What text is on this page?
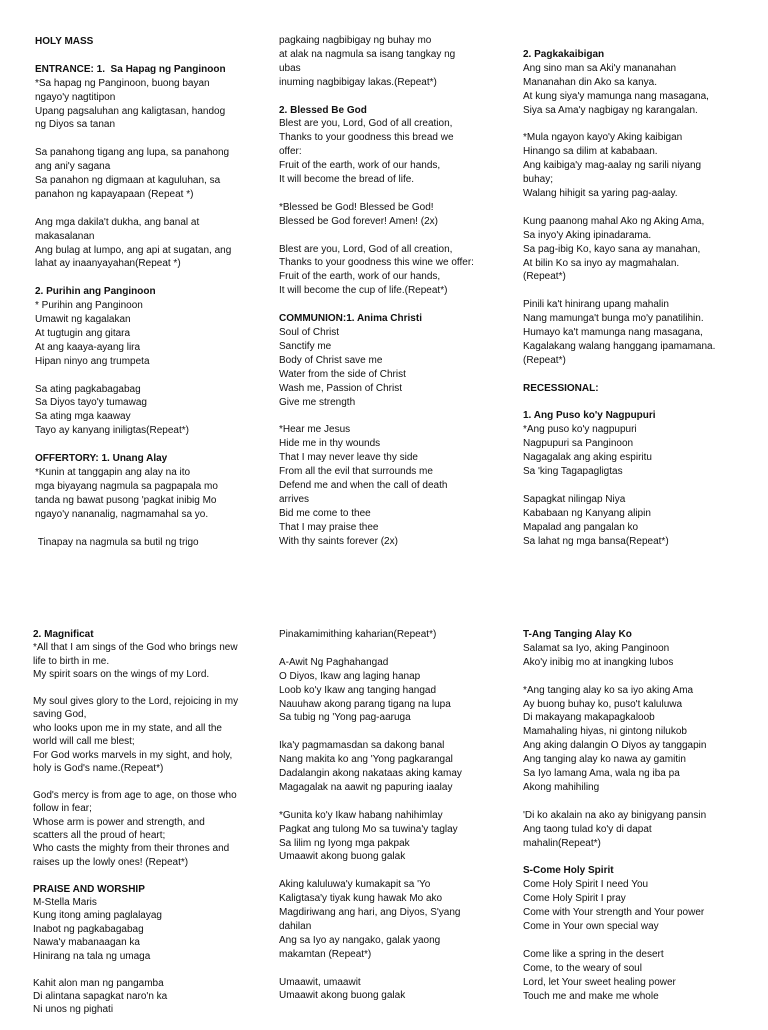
HOLY MASS
ENTRANCE: 1.  Sa Hapag ng Panginoon
*Sa hapag ng Panginoon, buong bayan
ngayo'y nagtitipon
Upang pagsaluhan ang kaligtasan, handog
ng Diyos sa tanan
Sa panahong tigang ang lupa, sa panahong
ang ani'y sagana
Sa panahon ng digmaan at kaguluhan, sa
panahon ng kapayapaan (Repeat *)
Ang mga dakila't dukha, ang banal at
makasalanan
Ang bulag at lumpo, ang api at sugatan, ang
lahat ay inaanyayahan(Repeat *)
2. Purihin ang Panginoon
* Purihin ang Panginoon
Umawit ng kagalakan
At tugtugin ang gitara
At ang kaaya-ayang lira
Hipan ninyo ang trumpeta
Sa ating pagkabagabag
Sa Diyos tayo'y tumawag
Sa ating mga kaaway
Tayo ay kanyang iniligtas(Repeat*)
OFFERTORY: 1. Unang Alay
*Kunin at tanggapin ang alay na ito
mga biyayang nagmula sa pagpapala mo
tanda ng bawat pusong 'pagkat inibig Mo
ngayo'y nananalig, nagmamahal sa yo.
Tinapay na nagmula sa butil ng trigo
pagkaing nagbibigay ng buhay mo
at alak na nagmula sa isang tangkay ng
ubas
inuming nagbibigay lakas.(Repeat*)
2. Blessed Be God
Blest are you, Lord, God of all creation,
Thanks to your goodness this bread we
offer:
Fruit of the earth, work of our hands,
It will become the bread of life.
*Blessed be God! Blessed be God!
Blessed be God forever! Amen! (2x)
Blest are you, Lord, God of all creation,
Thanks to your goodness this wine we offer:
Fruit of the earth, work of our hands,
It will become the cup of life.(Repeat*)
COMMUNION:1. Anima Christi
Soul of Christ
Sanctify me
Body of Christ save me
Water from the side of Christ
Wash me, Passion of Christ
Give me strength
*Hear me Jesus
Hide me in thy wounds
That I may never leave thy side
From all the evil that surrounds me
Defend me and when the call of death
arrives
Bid me come to thee
That I may praise thee
With thy saints forever (2x)
2. Pagkakaibigan
Ang sino man sa Aki'y mananahan
Mananahan din Ako sa kanya.
At kung siya'y mamunga nang masagana,
Siya sa Ama'y nagbigay ng karangalan.
*Mula ngayon kayo'y Aking kaibigan
Hinango sa dilim at kababaan.
Ang kaibiga'y mag-aalay ng sarili niyang
buhay;
Walang hihigit sa yaring pag-aalay.
Kung paanong mahal Ako ng Aking Ama,
Sa inyo'y Aking ipinadarama.
Sa pag-ibig Ko, kayo sana ay manahan,
At bilin Ko sa inyo ay magmahalan.
(Repeat*)
Pinili ka't hinirang upang mahalin
Nang mamunga't bunga mo'y panatilihin.
Humayo ka't mamunga nang masagana,
Kagalakang walang hanggang ipamamana.
(Repeat*)
RECESSIONAL:
1. Ang Puso ko'y Nagpupuri
*Ang puso ko'y nagpupuri
Nagpupuri sa Panginoon
Nagagalak ang aking espiritu
Sa 'king Tagapagligtas
Sapagkat nilingap Niya
Kababaan ng Kanyang alipin
Mapalad ang pangalan ko
Sa lahat ng mga bansa(Repeat*)
2. Magnificat
*All that I am sings of the God who brings new
life to birth in me.
My spirit soars on the wings of my Lord.
My soul gives glory to the Lord, rejoicing in my
saving God,
who looks upon me in my state, and all the
world will call me blest;
For God works marvels in my sight, and holy,
holy is God's name.(Repeat*)
God's mercy is from age to age, on those who
follow in fear;
Whose arm is power and strength, and
scatters all the proud of heart;
Who casts the mighty from their thrones and
raises up the lowly ones! (Repeat*)
PRAISE AND WORSHIP
M-Stella Maris
Kung itong aming paglalayag
Inabot ng pagkabagabag
Nawa'y mabanaagan ka
Hinirang na tala ng umaga
Kahit alon man ng pangamba
Di alintana sapagkat naro'n ka
Ni unos ng pighati
Pinakamimithing kaharian(Repeat*)
A-Awit Ng Paghahangad
O Diyos, Ikaw ang laging hanap
Loob ko'y Ikaw ang tanging hangad
Nauuhaw akong parang tigang na lupa
Sa tubig ng 'Yong pag-aaruga
Ika'y pagmamasdan sa dakong banal
Nang makita ko ang 'Yong pagkarangal
Dadalangin akong nakataas aking kamay
Magagalak na aawit ng papuring iaalay
*Gunita ko'y Ikaw habang nahihimlay
Pagkat ang tulong Mo sa tuwina'y taglay
Sa lilim ng Iyong mga pakpak
Umaawit akong buong galak
Aking kaluluwa'y kumakapit sa 'Yo
Kaligtasa'y tiyak kung hawak Mo ako
Magdiriwang ang hari, ang Diyos, S'yang
dahilan
Ang sa Iyo ay nangako, galak yaong
makamtan (Repeat*)
Umaawit, umaawit
Umaawit akong buong galak
T-Ang Tanging Alay Ko
Salamat sa Iyo, aking Panginoon
Ako'y inibig mo at inangking lubos
*Ang tanging alay ko sa iyo aking Ama
Ay buong buhay ko, puso't kaluluwa
Di makayang makapagkaloob
Mamahaling hiyas, ni gintong nilukob
Ang aking dalangin O Diyos ay tanggapin
Ang tanging alay ko nawa ay gamitin
Sa Iyo lamang Ama, wala ng iba pa
Akong mahihiling
'Di ko akalain na ako ay binigyang pansin
Ang taong tulad ko'y di dapat
mahalin(Repeat*)
S-Come Holy Spirit
Come Holy Spirit I need You
Come Holy Spirit I pray
Come with Your strength and Your power
Come in Your own special way
Come like a spring in the desert
Come, to the weary of soul
Lord, let Your sweet healing power
Touch me and make me whole
